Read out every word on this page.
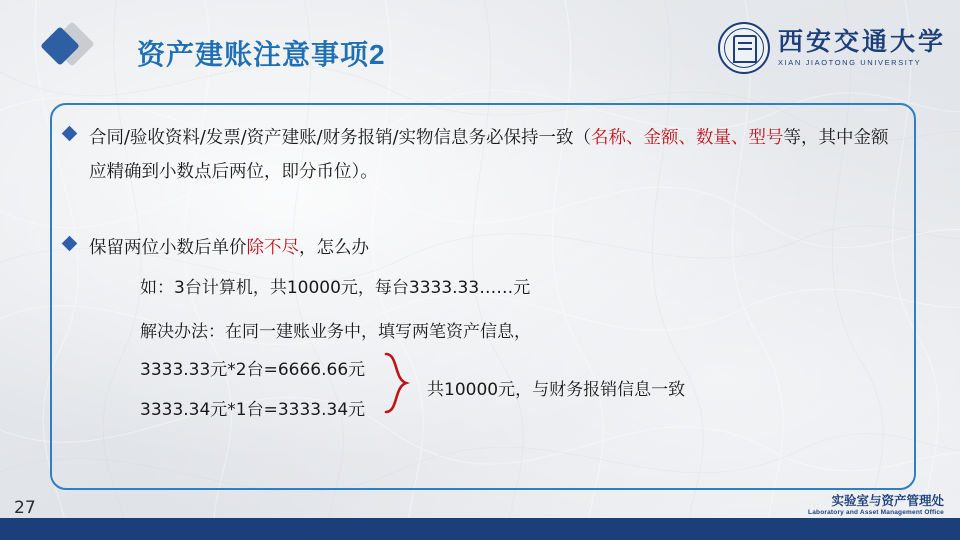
资产建账注意事项2	西安交通大学
XIAN JIAOTONG UNIVERSITY
合同/验收资料/发票/资产建账/财务报销/实物信息务必保持一致（名称、金额、数量、型号等，其中金额应精确到小数点后两位，即分币位）。
保留两位小数后单价除不尽，怎么办
如：3台计算机，共10000元，每台3333.33……元
解决办法：在同一建账业务中，填写两笔资产信息，
3333.33元*2台=6666.66元
3333.34元*1台=3333.34元
共10000元，与财务报销信息一致
27	实验室与资产管理处
Laboratory and Asset Management Office
